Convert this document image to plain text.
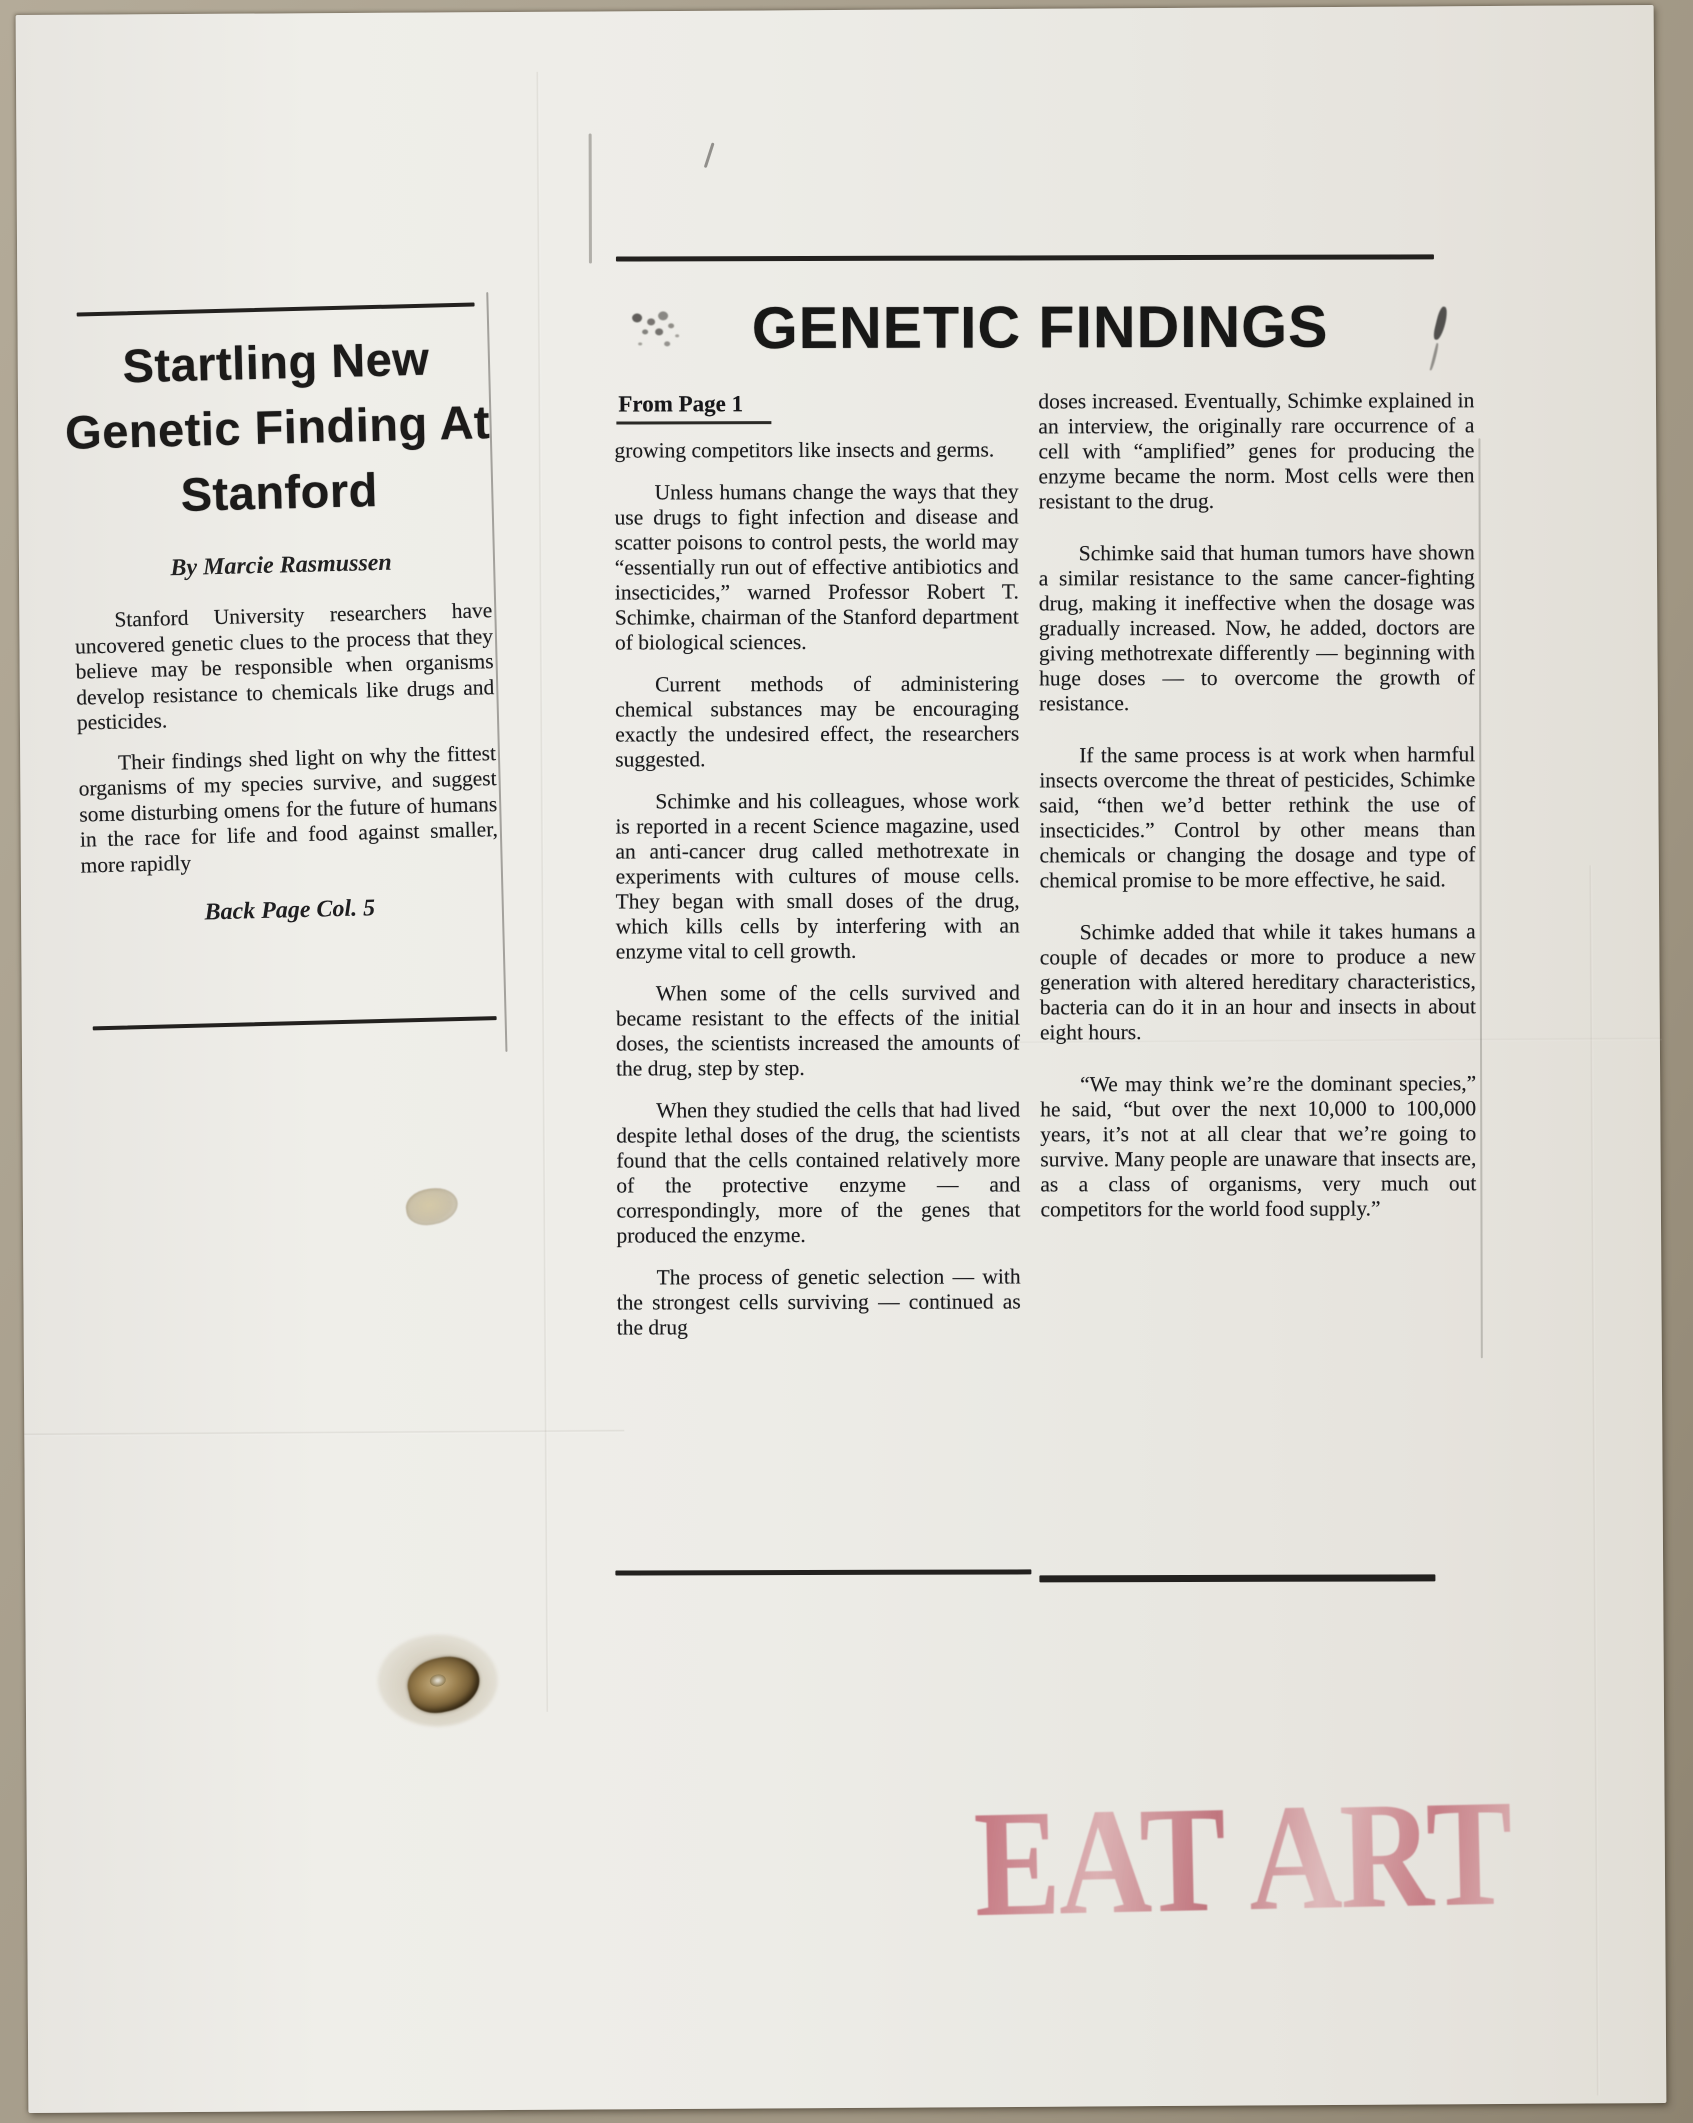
Startling New Genetic Finding At Stanford
By Marcie Rasmussen

Stanford University researchers have uncovered genetic clues to the process that they believe may be responsible when organisms develop resistance to chemicals like drugs and pesticides.

Their findings shed light on why the fittest organisms of my species survive, and suggest some disturbing omens for the future of humans in the race for life and food against smaller, more rapidly

Back Page Col. 5
GENETIC FINDINGS
From Page 1

growing competitors like insects and germs.

Unless humans change the ways that they use drugs to fight infection and disease and scatter poisons to control pests, the world may “essentially run out of effective antibiotics and insecticides,” warned Professor Robert T. Schimke, chairman of the Stanford department of biological sciences.

Current methods of administering chemical substances may be encouraging exactly the undesired effect, the researchers suggested.

Schimke and his colleagues, whose work is reported in a recent Science magazine, used an anti-cancer drug called methotrexate in experiments with cultures of mouse cells. They began with small doses of the drug, which kills cells by interfering with an enzyme vital to cell growth.

When some of the cells survived and became resistant to the effects of the initial doses, the scientists increased the amounts of the drug, step by step.

When they studied the cells that had lived despite lethal doses of the drug, the scientists found that the cells contained relatively more of the protective enzyme — and correspondingly, more of the genes that produced the enzyme.

The process of genetic selection — with the strongest cells surviving — continued as the drug

doses increased. Eventually, Schimke explained in an interview, the originally rare occurrence of a cell with “amplified” genes for producing the enzyme became the norm. Most cells were then resistant to the drug.

Schimke said that human tumors have shown a similar resistance to the same cancer-fighting drug, making it ineffective when the dosage was gradually increased. Now, he added, doctors are giving methotrexate differently — beginning with huge doses — to overcome the growth of resistance.

If the same process is at work when harmful insects overcome the threat of pesticides, Schimke said, “then we’d better rethink the use of insecticides.” Control by other means than chemicals or changing the dosage and type of chemical promise to be more effective, he said.

Schimke added that while it takes humans a couple of decades or more to produce a new generation with altered hereditary characteristics, bacteria can do it in an hour and insects in about eight hours.

“We may think we’re the dominant species,” he said, “but over the next 10,000 to 100,000 years, it’s not at all clear that we’re going to survive. Many people are unaware that insects are, as a class of organisms, very much out competitors for the world food supply.”

EAT ART
